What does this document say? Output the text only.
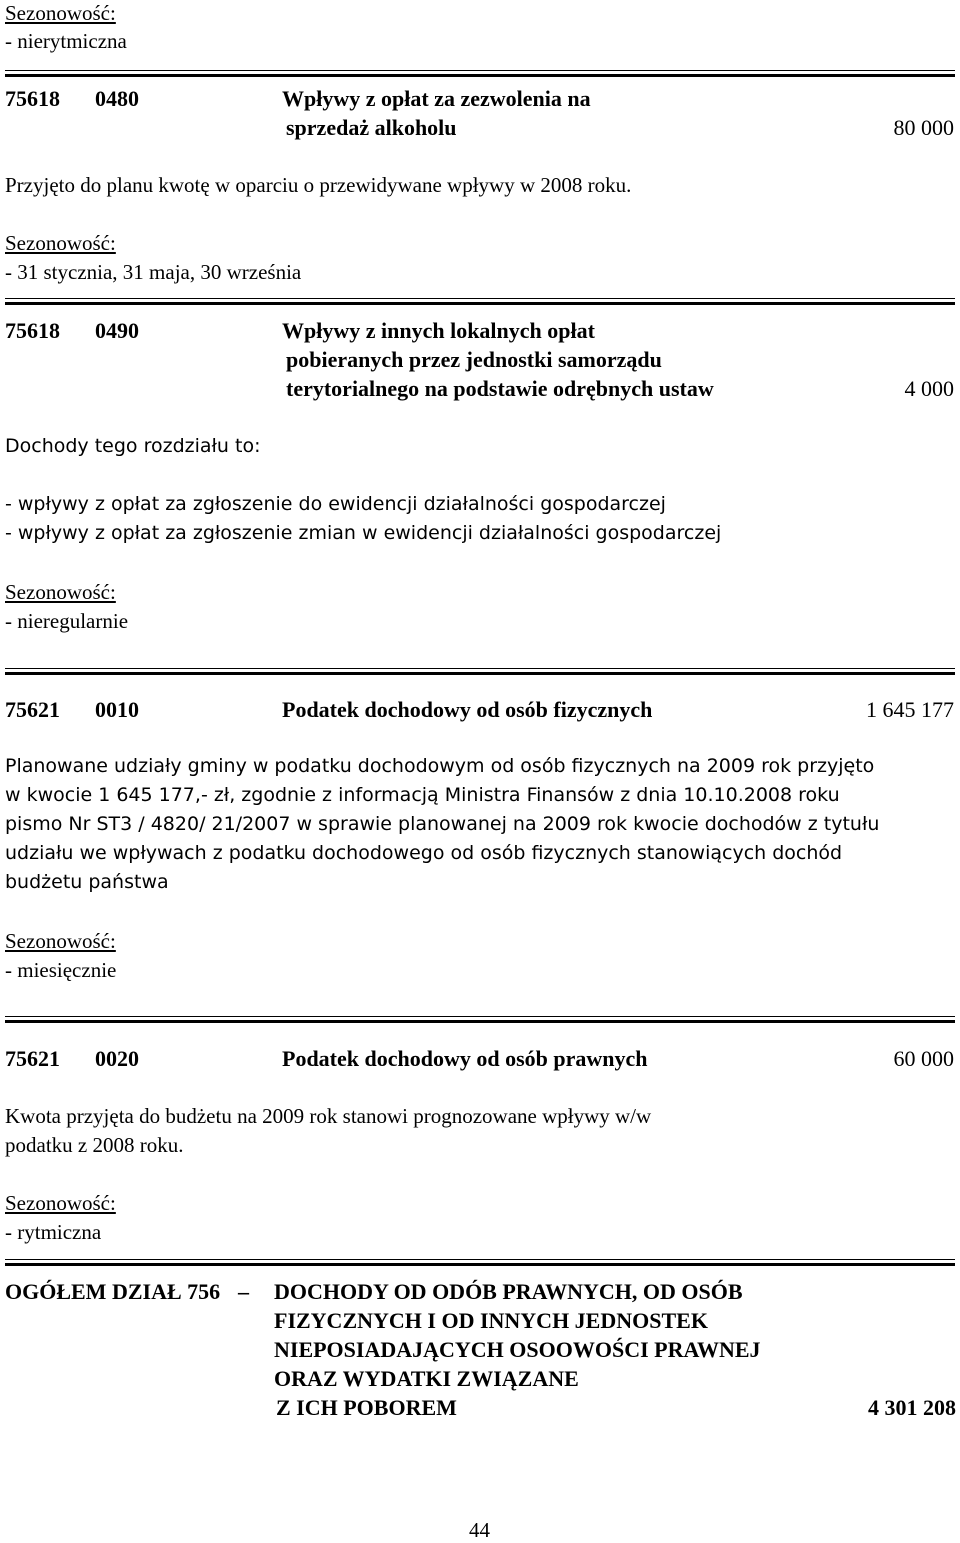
Sezonowość:
- nierytmiczna
75618 0480	Wpływy z opłat za zezwolenia na
sprzedaż alkoholu	80 000
Przyjęto do planu kwotę w oparciu o przewidywane wpływy w 2008 roku.
Sezonowość:
- 31 stycznia, 31 maja, 30 września
75618 0490	Wpływy z innych lokalnych opłat
pobieranych przez jednostki samorządu
terytorialnego na podstawie odrębnych ustaw	4 000
Dochody tego rozdziału to:
- wpływy z opłat za zgłoszenie do ewidencji działalności gospodarczej
- wpływy z opłat za zgłoszenie zmian w ewidencji działalności gospodarczej
Sezonowość:
- nieregularnie
75621 0010	Podatek dochodowy od osób fizycznych	1 645 177
Planowane udziały gminy w podatku dochodowym od osób fizycznych na 2009 rok przyjęto
w kwocie 1 645 177,- zł, zgodnie z informacją Ministra Finansów z dnia 10.10.2008 roku
pismo Nr ST3 / 4820/ 21/2007 w sprawie planowanej na 2009 rok kwocie dochodów z tytułu
udziału we wpływach z podatku dochodowego od osób fizycznych stanowiących dochód
budżetu państwa
Sezonowość:
- miesięcznie
75621 0020	Podatek dochodowy od osób prawnych	60 000
Kwota przyjęta do budżetu na 2009 rok stanowi prognozowane wpływy w/w
podatku z 2008 roku.
Sezonowość:
- rytmiczna
OGÓŁEM DZIAŁ 756 – DOCHODY OD ODÓB PRAWNYCH, OD OSÓB
FIZYCZNYCH I OD INNYCH JEDNOSTEK
NIEPOSIADAJĄCYCH OSOOWOŚCI PRAWNEJ
ORAZ WYDATKI ZWIĄZANE
Z ICH POBOREM	4 301 208
44
